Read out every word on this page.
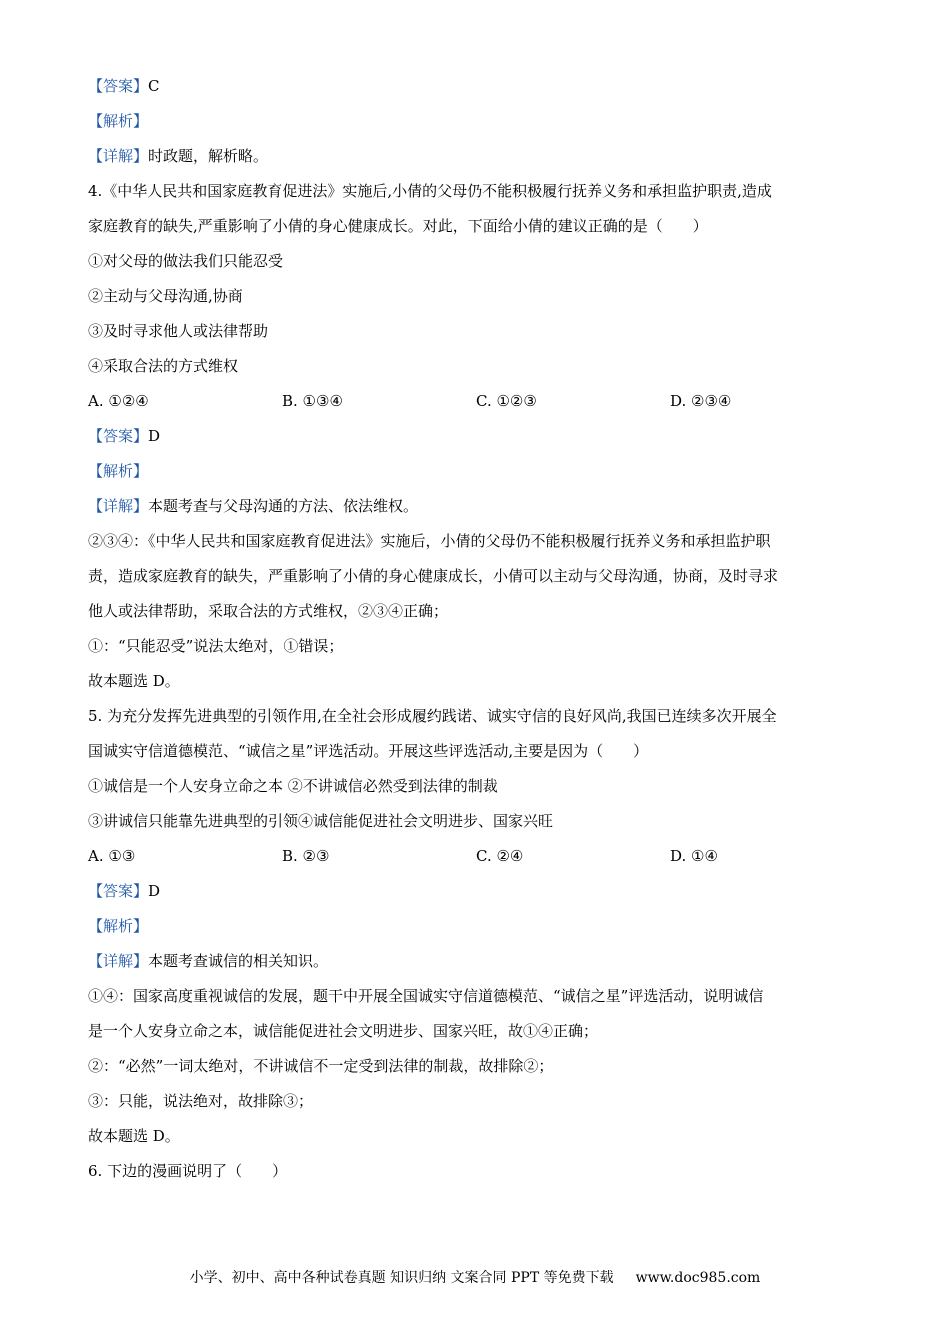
【答案】C
【解析】
【详解】时政题，解析略。
4.《中华人民共和国家庭教育促进法》实施后,小倩的父母仍不能积极履行抚养义务和承担监护职责,造成
家庭教育的缺失,严重影响了小倩的身心健康成长。对此，下面给小倩的建议正确的是（　　）
①对父母的做法我们只能忍受
②主动与父母沟通,协商
③及时寻求他人或法律帮助
④采取合法的方式维权
A. ①②④	B. ①③④	C. ①②③	D. ②③④
【答案】D
【解析】
【详解】本题考查与父母沟通的方法、依法维权。
②③④：《中华人民共和国家庭教育促进法》实施后，小倩的父母仍不能积极履行抚养义务和承担监护职
责，造成家庭教育的缺失，严重影响了小倩的身心健康成长，小倩可以主动与父母沟通，协商，及时寻求
他人或法律帮助，采取合法的方式维权，②③④正确；
①：“只能忍受”说法太绝对，①错误；
故本题选 D。
5. 为充分发挥先进典型的引领作用,在全社会形成履约践诺、诚实守信的良好风尚,我国已连续多次开展全
国诚实守信道德模范、“诚信之星”评选活动。开展这些评选活动,主要是因为（　　）
①诚信是一个人安身立命之本 ②不讲诚信必然受到法律的制裁
③讲诚信只能靠先进典型的引领④诚信能促进社会文明进步、国家兴旺
A. ①③	B. ②③	C. ②④	D. ①④
【答案】D
【解析】
【详解】本题考查诚信的相关知识。
①④：国家高度重视诚信的发展，题干中开展全国诚实守信道德模范、“诚信之星”评选活动，说明诚信
是一个人安身立命之本，诚信能促进社会文明进步、国家兴旺，故①④正确；
②：“必然”一词太绝对，不讲诚信不一定受到法律的制裁，故排除②；
③：只能，说法绝对，故排除③；
故本题选 D。
6. 下边的漫画说明了（　　）
小学、初中、高中各种试卷真题 知识归纳 文案合同 PPT 等免费下载 www.doc985.com
